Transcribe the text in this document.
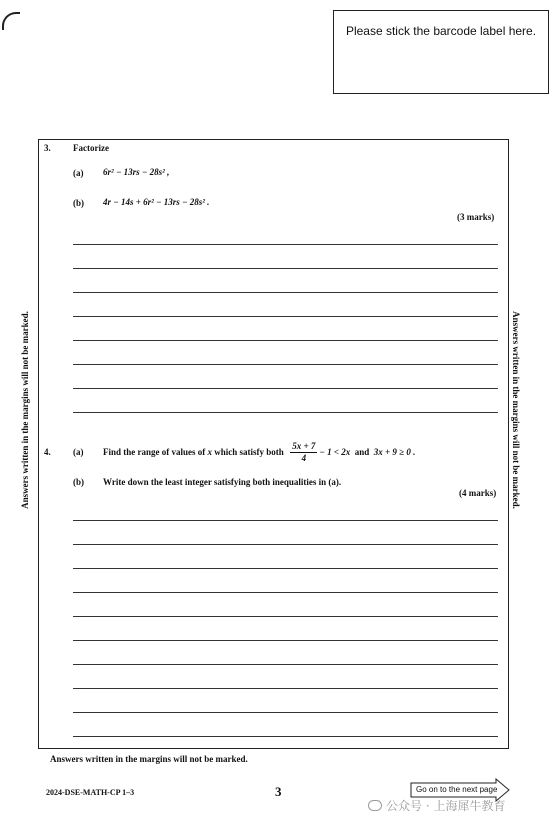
Please stick the barcode label here.
Answers written in the margins will not be marked.	Answers written in the margins will not be marked.
3. Factorize
(a) 6r² − 13rs − 28s² ,
(b) 4r − 14s + 6r² − 13rs − 28s² .
(3 marks)
4. (a) Find the range of values of
x
which satisfy both
$\frac{5x + 7}{4} - 1 < 2x$
and
3x + 9 ≥ 0 .
(b) Write down the least integer satisfying both inequalities in (a).
(4 marks)
Answers written in the margins will not be marked.
2024-DSE-MATH-CP 1–3	3	Go on to the next page
公众号 · 上海犀牛教育
